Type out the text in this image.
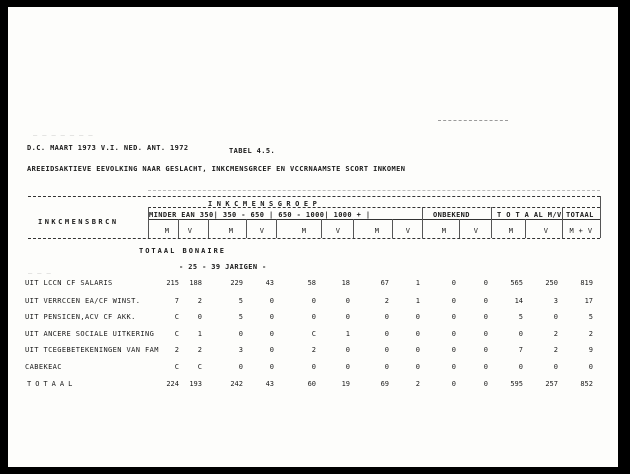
— — — — — — —
— — —
D.C. MAART 1973 V.I. NED. ANT. 1972	TABEL 4.5.
AREEIDSAKTIEVE EEVOLKING NAAR GESLACHT, INKCMENSGRCEF EN VCCRNAAMSTE SCORT INKOMEN
INKCMENSBRCN
INKCMENSGROEP
MINDER EAN 350| 350 - 650 | 650 - 1000| 1000 + |	ONBEKEND	T O T A AL M/V TOTAAL
M	V	M	V	M	V	M	V	M	V	M	V	M + V
TOTAAL BONAIRE
- 25 - 39 JARIGEN -
UIT LCCN CF SALARIS	215	188	229	43	58	18	67	1	0	0	565	250	819
UIT VERRCCEN EA/CF WINST.	7	2	5	0	0	0	2	1	0	0	14	3	17
UIT PENSICEN,ACV CF AKK.	C	0	5	0	0	0	0	0	0	0	5	0	5
UIT ANCERE SOCIALE UITKERING	C	1	0	0	C	1	0	0	0	0	0	2	2
UIT TCEGEBETEKENINGEN VAN FAM	2	2	3	0	2	0	0	0	0	0	7	2	9
CABEKEAC	C	C	0	0	0	0	0	0	0	0	0	0	0
TOTAAL	224	193	242	43	60	19	69	2	0	0	595	257	852
